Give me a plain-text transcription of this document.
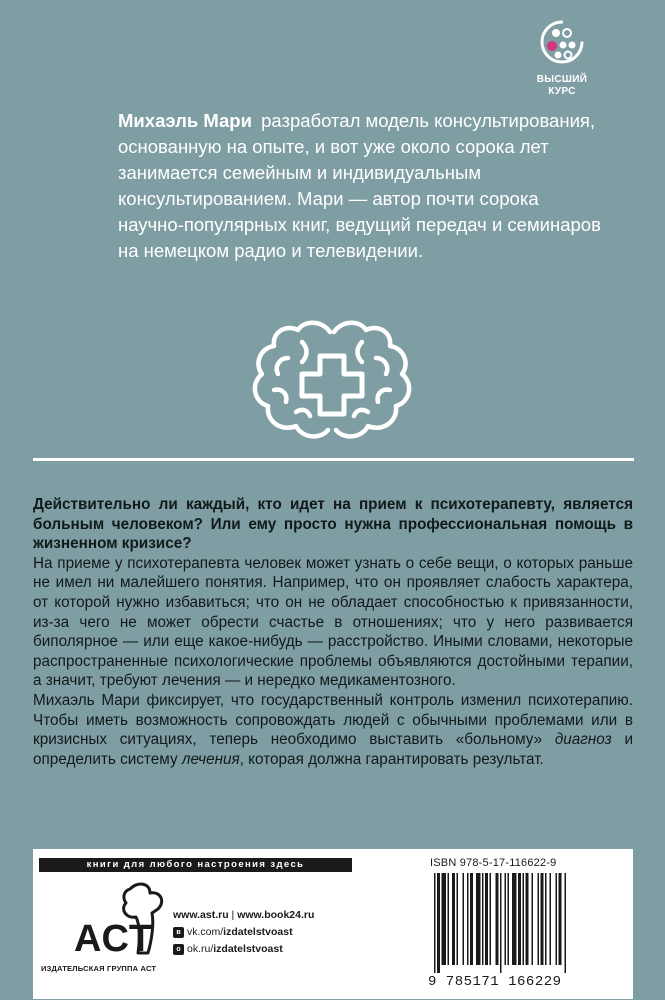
ВЫСШИЙ
КУРС
Михаэль Мари разработал модель консультирования, основанную на опыте, и вот уже около сорока лет занимается семейным и индивидуальным консультированием. Мари — автор почти сорока научно-популярных книг, ведущий передач и семинаров на немецком радио и телевидении.

Действительно ли каждый, кто идет на прием к психотерапевту, является больным человеком? Или ему просто нужна профессиональная помощь в жизненном кризисе?

На приеме у психотерапевта человек может узнать о себе вещи, о которых раньше не имел ни малейшего понятия. Например, что он проявляет слабость характера, от которой нужно избавиться; что он не обладает способностью к привязанности, из-за чего не может обрести счастье в отношениях; что у него развивается биполярное — или еще какое-нибудь — расстройство. Иными словами, некоторые распространенные психологические проблемы объявляются достойными терапии, а значит, требуют лечения — и нередко медикаментозного.

Михаэль Мари фиксирует, что государственный контроль изменил психотерапию. Чтобы иметь возможность сопровождать людей с обычными проблемами или в кризисных ситуациях, теперь необходимо выставить «больному» диагноз и определить систему лечения, которая должна гарантировать результат.

книги для любого настроения здесь
ACT
ИЗДАТЕЛЬСКАЯ ГРУППА АСТ
www.ast.ru | www.book24.ru
в vk.com/ izdatelstvoast
о ok.ru/ izdatelstvoast
ISBN 978-5-17-116622-9
9 785171 166229
